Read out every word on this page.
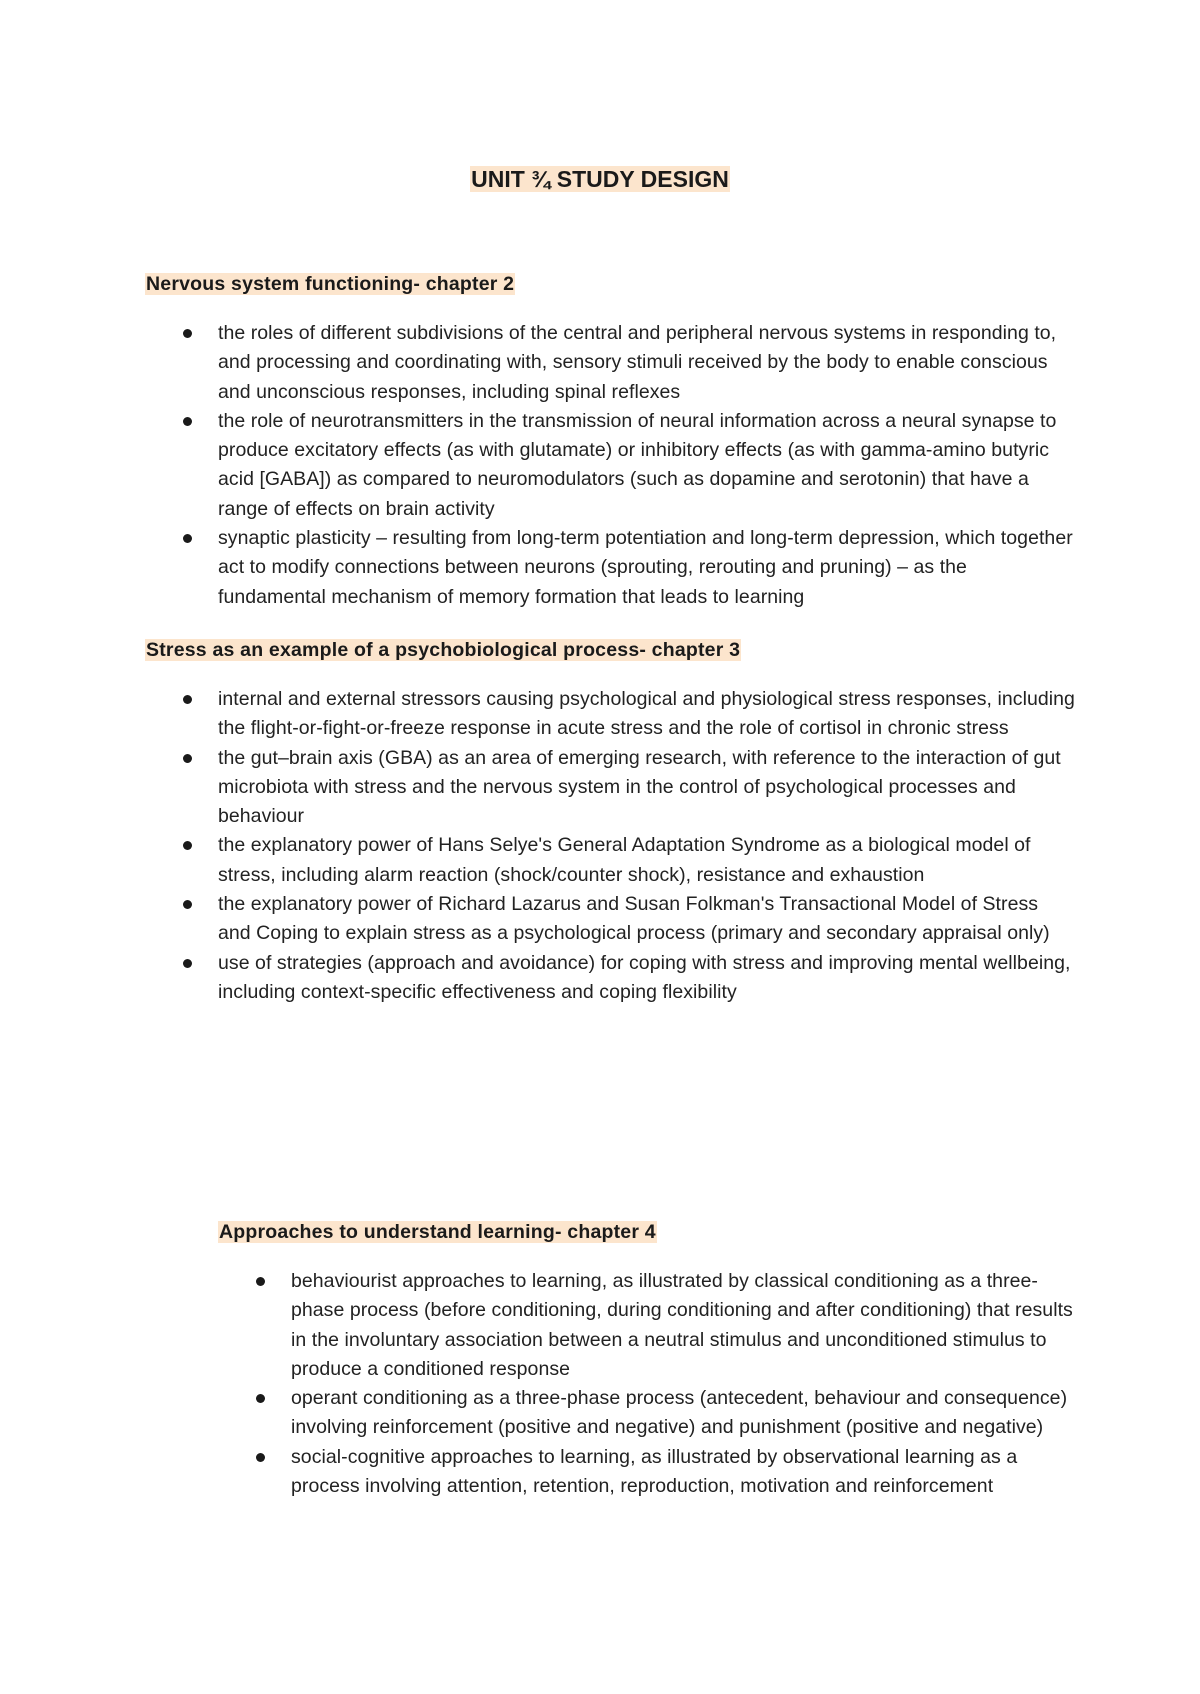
UNIT ¾ STUDY DESIGN
Nervous system functioning- chapter 2
the roles of different subdivisions of the central and peripheral nervous systems in responding to, and processing and coordinating with, sensory stimuli received by the body to enable conscious and unconscious responses, including spinal reflexes
the role of neurotransmitters in the transmission of neural information across a neural synapse to produce excitatory effects (as with glutamate) or inhibitory effects (as with gamma-amino butyric acid [GABA]) as compared to neuromodulators (such as dopamine and serotonin) that have a range of effects on brain activity
synaptic plasticity – resulting from long-term potentiation and long-term depression, which together act to modify connections between neurons (sprouting, rerouting and pruning) – as the fundamental mechanism of memory formation that leads to learning
Stress as an example of a psychobiological process- chapter 3
internal and external stressors causing psychological and physiological stress responses, including the flight-or-fight-or-freeze response in acute stress and the role of cortisol in chronic stress
the gut–brain axis (GBA) as an area of emerging research, with reference to the interaction of gut microbiota with stress and the nervous system in the control of psychological processes and behaviour
the explanatory power of Hans Selye's General Adaptation Syndrome as a biological model of stress, including alarm reaction (shock/counter shock), resistance and exhaustion
the explanatory power of Richard Lazarus and Susan Folkman's Transactional Model of Stress and Coping to explain stress as a psychological process (primary and secondary appraisal only)
use of strategies (approach and avoidance) for coping with stress and improving mental wellbeing, including context-specific effectiveness and coping flexibility
Approaches to understand learning- chapter 4
behaviourist approaches to learning, as illustrated by classical conditioning as a three-phase process (before conditioning, during conditioning and after conditioning) that results in the involuntary association between a neutral stimulus and unconditioned stimulus to produce a conditioned response
operant conditioning as a three-phase process (antecedent, behaviour and consequence) involving reinforcement (positive and negative) and punishment (positive and negative)
social-cognitive approaches to learning, as illustrated by observational learning as a process involving attention, retention, reproduction, motivation and reinforcement
